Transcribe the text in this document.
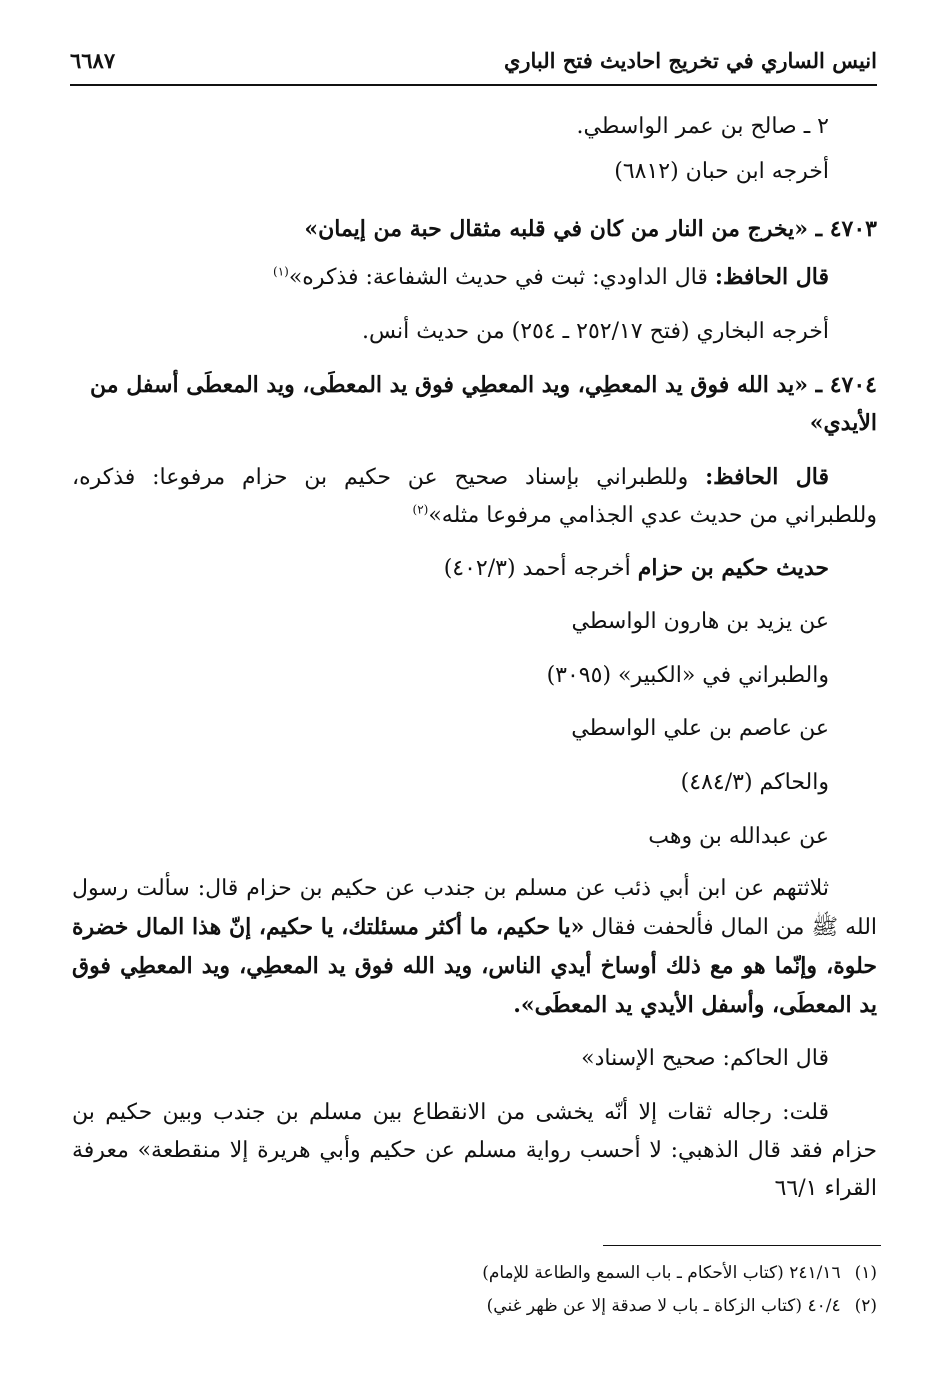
انيس الساري في تخريج احاديث فتح الباري
٦٦٨٧
٢ ـ صالح بن عمر الواسطي.
أخرجه ابن حبان (٦٨١٢)
٤٧٠٣ ـ «يخرج من النار من كان في قلبه مثقال حبة من إيمان»
قال الحافظ: قال الداودي: ثبت في حديث الشفاعة: فذكره»$^{(١)}$
أخرجه البخاري (فتح ٢٥٢/١٧ ـ ٢٥٤) من حديث أنس.
٤٧٠٤ ـ «يد الله فوق يد المعطِي، ويد المعطِي فوق يد المعطَى، ويد المعطَى أسفل من الأيدي»
قال الحافظ: وللطبراني بإسناد صحيح عن حكيم بن حزام مرفوعا: فذكره، وللطبراني من حديث عدي الجذامي مرفوعا مثله»$^{(٢)}$
حديث حكيم بن حزام أخرجه أحمد (٤٠٢/٣)
عن يزيد بن هارون الواسطي
والطبراني في «الكبير» (٣٠٩٥)
عن عاصم بن علي الواسطي
والحاكم (٤٨٤/٣)
عن عبدالله بن وهب
ثلاثتهم عن ابن أبي ذئب عن مسلم بن جندب عن حكيم بن حزام قال: سألت رسول الله ﷺ من المال فألحفت فقال «يا حكيم، ما أكثر مسئلتك، يا حكيم، إنّ هذا المال خضرة حلوة، وإنّما هو مع ذلك أوساخ أيدي الناس، ويد الله فوق يد المعطِي، ويد المعطِي فوق يد المعطَى، وأسفل الأيدي يد المعطَى».
قال الحاكم: صحيح الإسناد»
قلت: رجاله ثقات إلا أنّه يخشى من الانقطاع بين مسلم بن جندب وبين حكيم بن حزام فقد قال الذهبي: لا أحسب رواية مسلم عن حكيم وأبي هريرة إلا منقطعة» معرفة القراء ٦٦/١
(١)٢٤١/١٦ (كتاب الأحكام ـ باب السمع والطاعة للإمام)
(٢)٤٠/٤ (كتاب الزكاة ـ باب لا صدقة إلا عن ظهر غني)
